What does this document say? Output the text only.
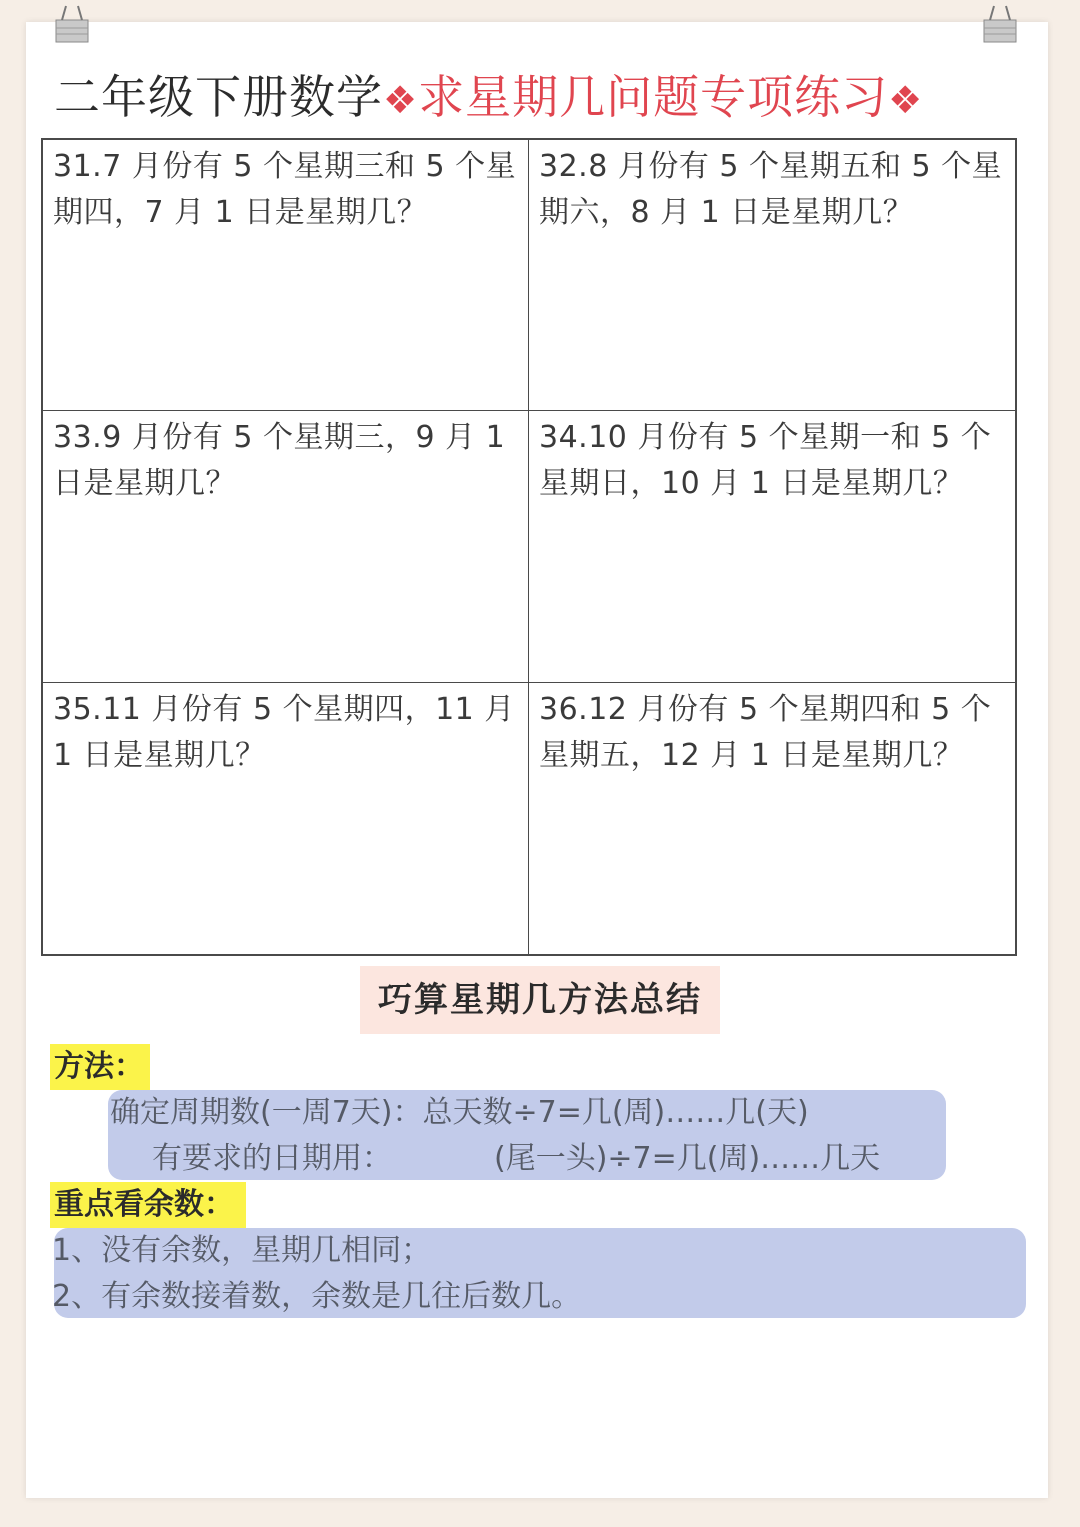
二年级下册数学❖求星期几问题专项练习❖
31.7 月份有 5 个星期三和 5 个星
期四，7 月 1 日是星期几？
32.8 月份有 5 个星期五和 5 个星
期六，8 月 1 日是星期几？
33.9 月份有 5 个星期三，9 月 1
日是星期几？
34.10 月份有 5 个星期一和 5 个
星期日，10 月 1 日是星期几？
35.11 月份有 5 个星期四，11 月
1 日是星期几？
36.12 月份有 5 个星期四和 5 个
星期五，12 月 1 日是星期几？
巧算星期几方法总结
方法：
确定周期数(一周7天)：总天数÷7=几(周)……几(天)
有要求的日期用：	(尾一头)÷7=几(周)……几天
重点看余数：
1、没有余数，星期几相同；
2、有余数接着数，余数是几往后数几。
